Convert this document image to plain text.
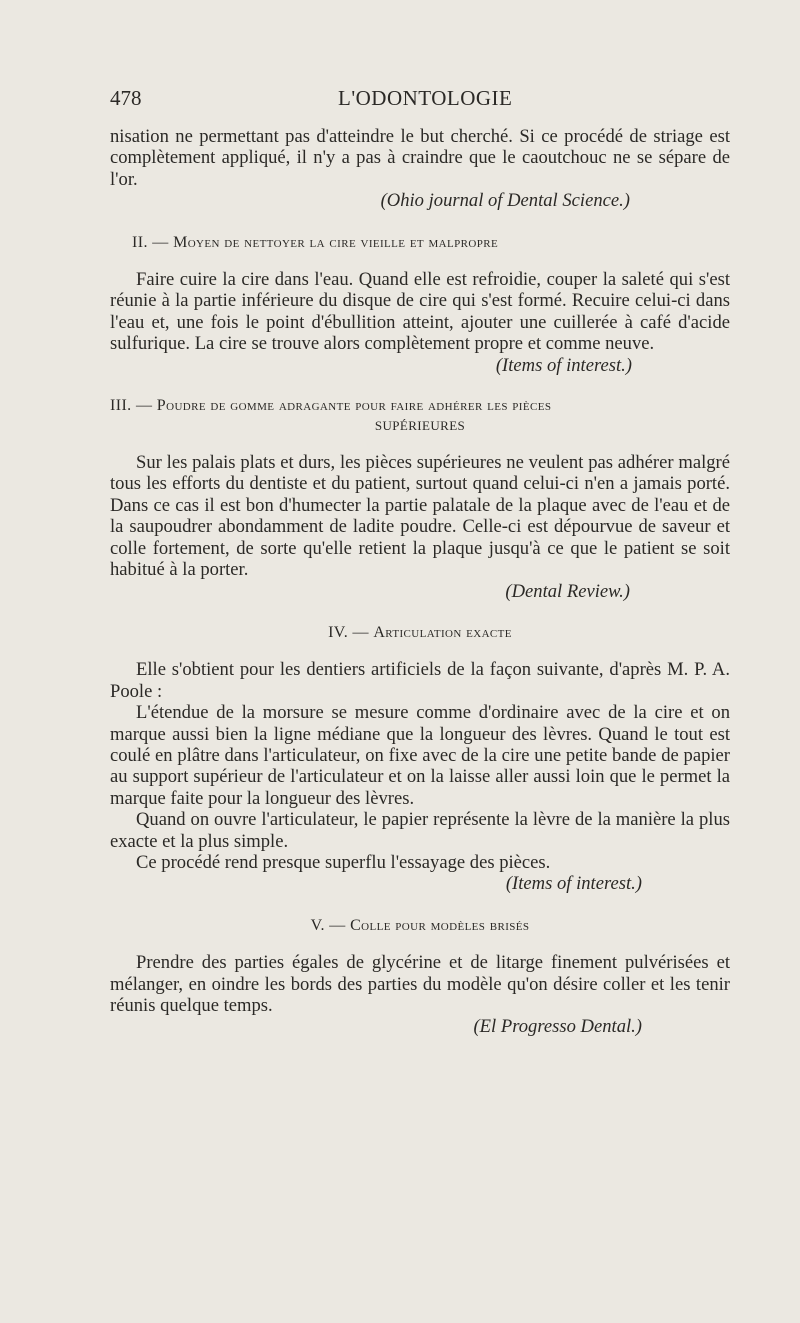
478	L'ODONTOLOGIE

nisation ne permettant pas d'atteindre le but cherché. Si ce procédé de striage est complètement appliqué, il n'y a pas à craindre que le caoutchouc ne se sépare de l'or.

(Ohio journal of Dental Science.)

II. — Moyen de nettoyer la cire vieille et malpropre

Faire cuire la cire dans l'eau. Quand elle est refroidie, couper la saleté qui s'est réunie à la partie inférieure du disque de cire qui s'est formé. Recuire celui-ci dans l'eau et, une fois le point d'ébullition atteint, ajouter une cuillerée à café d'acide sulfurique. La cire se trouve alors complètement propre et comme neuve.

(Items of interest.)

III. — Poudre de gomme adragante pour faire adhérer les pièces
SUPÉRIEURES

Sur les palais plats et durs, les pièces supérieures ne veulent pas adhérer malgré tous les efforts du dentiste et du patient, surtout quand celui-ci n'en a jamais porté. Dans ce cas il est bon d'humecter la partie palatale de la plaque avec de l'eau et de la saupoudrer abondamment de ladite poudre. Celle-ci est dépourvue de saveur et colle fortement, de sorte qu'elle retient la plaque jusqu'à ce que le patient se soit habitué à la porter.

(Dental Review.)

IV. — Articulation exacte

Elle s'obtient pour les dentiers artificiels de la façon suivante, d'après M. P. A. Poole :

L'étendue de la morsure se mesure comme d'ordinaire avec de la cire et on marque aussi bien la ligne médiane que la longueur des lèvres. Quand le tout est coulé en plâtre dans l'articulateur, on fixe avec de la cire une petite bande de papier au support supérieur de l'articulateur et on la laisse aller aussi loin que le permet la marque faite pour la longueur des lèvres.

Quand on ouvre l'articulateur, le papier représente la lèvre de la manière la plus exacte et la plus simple.

Ce procédé rend presque superflu l'essayage des pièces.

(Items of interest.)

V. — Colle pour modèles brisés

Prendre des parties égales de glycérine et de litarge finement pulvérisées et mélanger, en oindre les bords des parties du modèle qu'on désire coller et les tenir réunis quelque temps.

(El Progresso Dental.)
